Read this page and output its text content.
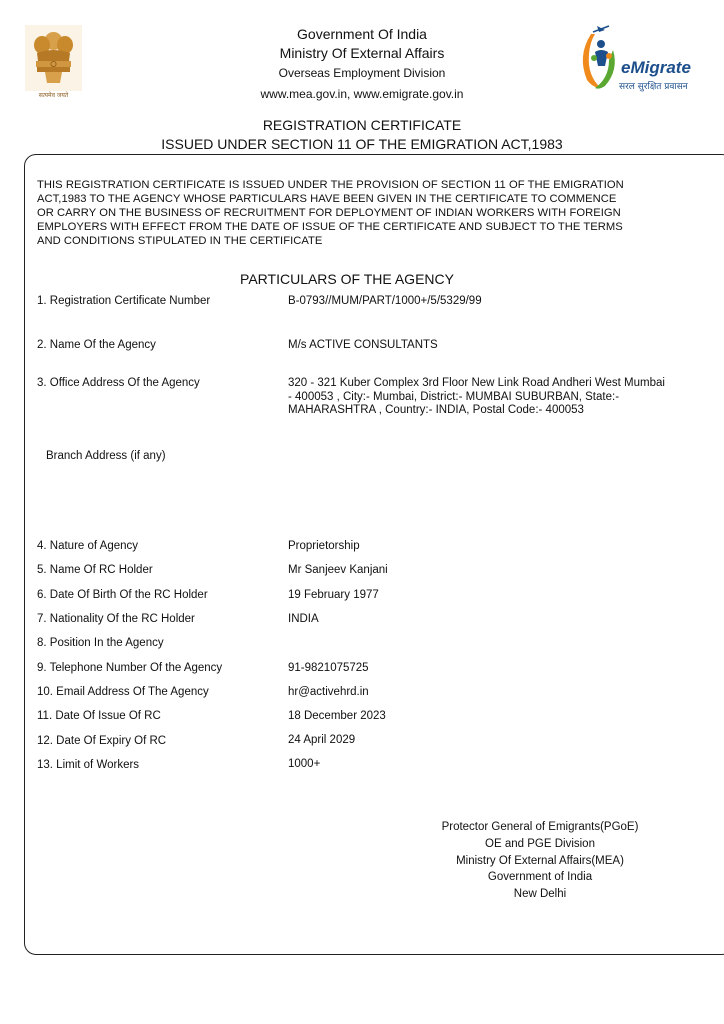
सत्यमेव जयते
Government Of India
Ministry Of External Affairs
Overseas Employment Division
www.mea.gov.in, www.emigrate.gov.in
eMigrate
सरल सुरक्षित प्रवासन
REGISTRATION CERTIFICATE
ISSUED UNDER SECTION 11 OF THE EMIGRATION ACT,1983
THIS REGISTRATION CERTIFICATE IS ISSUED UNDER THE PROVISION OF SECTION 11 OF THE EMIGRATION
ACT,1983 TO THE AGENCY WHOSE PARTICULARS HAVE BEEN GIVEN IN THE CERTIFICATE TO COMMENCE
OR CARRY ON THE BUSINESS OF RECRUITMENT FOR DEPLOYMENT OF INDIAN WORKERS WITH FOREIGN
EMPLOYERS WITH EFFECT FROM THE DATE OF ISSUE OF THE CERTIFICATE AND SUBJECT TO THE TERMS
AND CONDITIONS STIPULATED IN THE CERTIFICATE
PARTICULARS OF THE AGENCY
1. Registration Certificate Number	B-0793//MUM/PART/1000+/5/5329/99
2. Name Of the Agency	M/s ACTIVE CONSULTANTS
3. Office Address Of the Agency	320 - 321 Kuber Complex 3rd Floor New Link Road Andheri West Mumbai
- 400053 , City:- Mumbai, District:- MUMBAI SUBURBAN, State:-
MAHARASHTRA , Country:- INDIA, Postal Code:- 400053
Branch Address (if any)
4. Nature of Agency	Proprietorship
5. Name Of RC Holder	Mr Sanjeev Kanjani
6. Date Of Birth Of the RC Holder	19 February 1977
7. Nationality Of the RC Holder	INDIA
8. Position In the Agency
9. Telephone Number Of the Agency	91-9821075725
10. Email Address Of The Agency	hr@activehrd.in
11. Date Of Issue Of RC	18 December 2023
12. Date Of Expiry Of RC	24 April 2029
13. Limit of Workers	1000+
Protector General of Emigrants(PGoE)
OE and PGE Division
Ministry Of External Affairs(MEA)
Government of India
New Delhi
